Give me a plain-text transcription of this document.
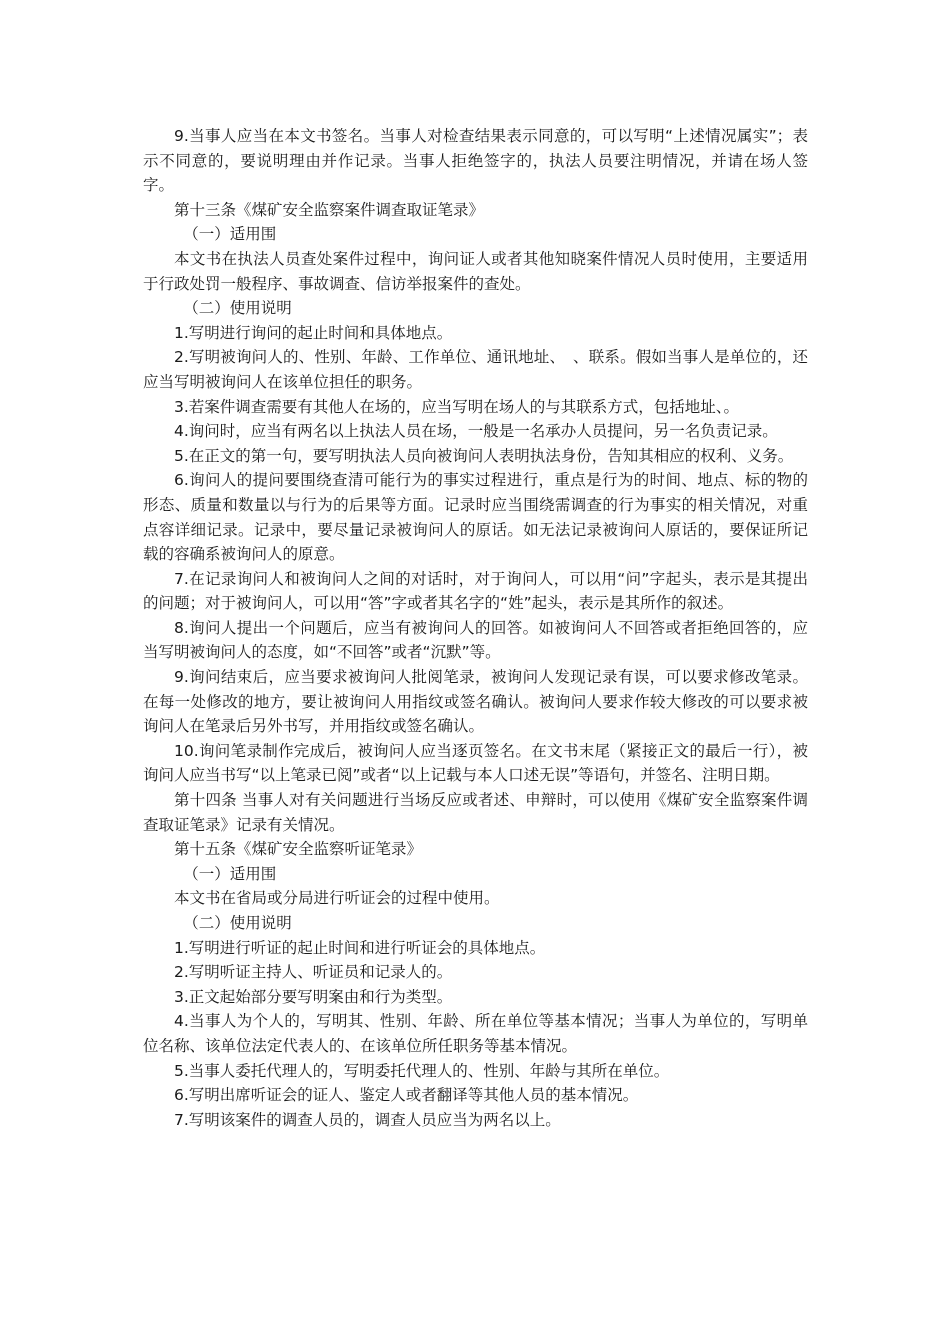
9.当事人应当在本文书签名。当事人对检查结果表示同意的，可以写明“上述情况属实”；表示不同意的，要说明理由并作记录。当事人拒绝签字的，执法人员要注明情况，并请在场人签字。

第十三条《煤矿安全监察案件调查取证笔录》

（一）适用围

本文书在执法人员查处案件过程中，询问证人或者其他知晓案件情况人员时使用，主要适用于行政处罚一般程序、事故调查、信访举报案件的查处。

（二）使用说明

1.写明进行询问的起止时间和具体地点。

2.写明被询问人的、性别、年龄、工作单位、通讯地址、　、联系。假如当事人是单位的，还应当写明被询问人在该单位担任的职务。

3.若案件调查需要有其他人在场的，应当写明在场人的与其联系方式，包括地址、。

4.询问时，应当有两名以上执法人员在场，一般是一名承办人员提问，另一名负责记录。

5.在正文的第一句，要写明执法人员向被询问人表明执法身份，告知其相应的权利、义务。

6.询问人的提问要围绕查清可能行为的事实过程进行，重点是行为的时间、地点、标的物的形态、质量和数量以与行为的后果等方面。记录时应当围绕需调查的行为事实的相关情况，对重点容详细记录。记录中，要尽量记录被询问人的原话。如无法记录被询问人原话的，要保证所记载的容确系被询问人的原意。

7.在记录询问人和被询问人之间的对话时，对于询问人，可以用“问”字起头，表示是其提出的问题；对于被询问人，可以用“答”字或者其名字的“姓”起头，表示是其所作的叙述。

8.询问人提出一个问题后，应当有被询问人的回答。如被询问人不回答或者拒绝回答的，应当写明被询问人的态度，如“不回答”或者“沉默”等。

9.询问结束后，应当要求被询问人批阅笔录，被询问人发现记录有误，可以要求修改笔录。在每一处修改的地方，要让被询问人用指纹或签名确认。被询问人要求作较大修改的可以要求被询问人在笔录后另外书写，并用指纹或签名确认。

10.询问笔录制作完成后，被询问人应当逐页签名。在文书末尾（紧接正文的最后一行），被询问人应当书写“以上笔录已阅”或者“以上记载与本人口述无误”等语句，并签名、注明日期。

第十四条 当事人对有关问题进行当场反应或者述、申辩时，可以使用《煤矿安全监察案件调查取证笔录》记录有关情况。

第十五条《煤矿安全监察听证笔录》

（一）适用围

本文书在省局或分局进行听证会的过程中使用。

（二）使用说明

1.写明进行听证的起止时间和进行听证会的具体地点。

2.写明听证主持人、听证员和记录人的。

3.正文起始部分要写明案由和行为类型。

4.当事人为个人的，写明其、性别、年龄、所在单位等基本情况；当事人为单位的，写明单位名称、该单位法定代表人的、在该单位所任职务等基本情况。

5.当事人委托代理人的，写明委托代理人的、性别、年龄与其所在单位。

6.写明出席听证会的证人、鉴定人或者翻译等其他人员的基本情况。

7.写明该案件的调查人员的，调查人员应当为两名以上。
